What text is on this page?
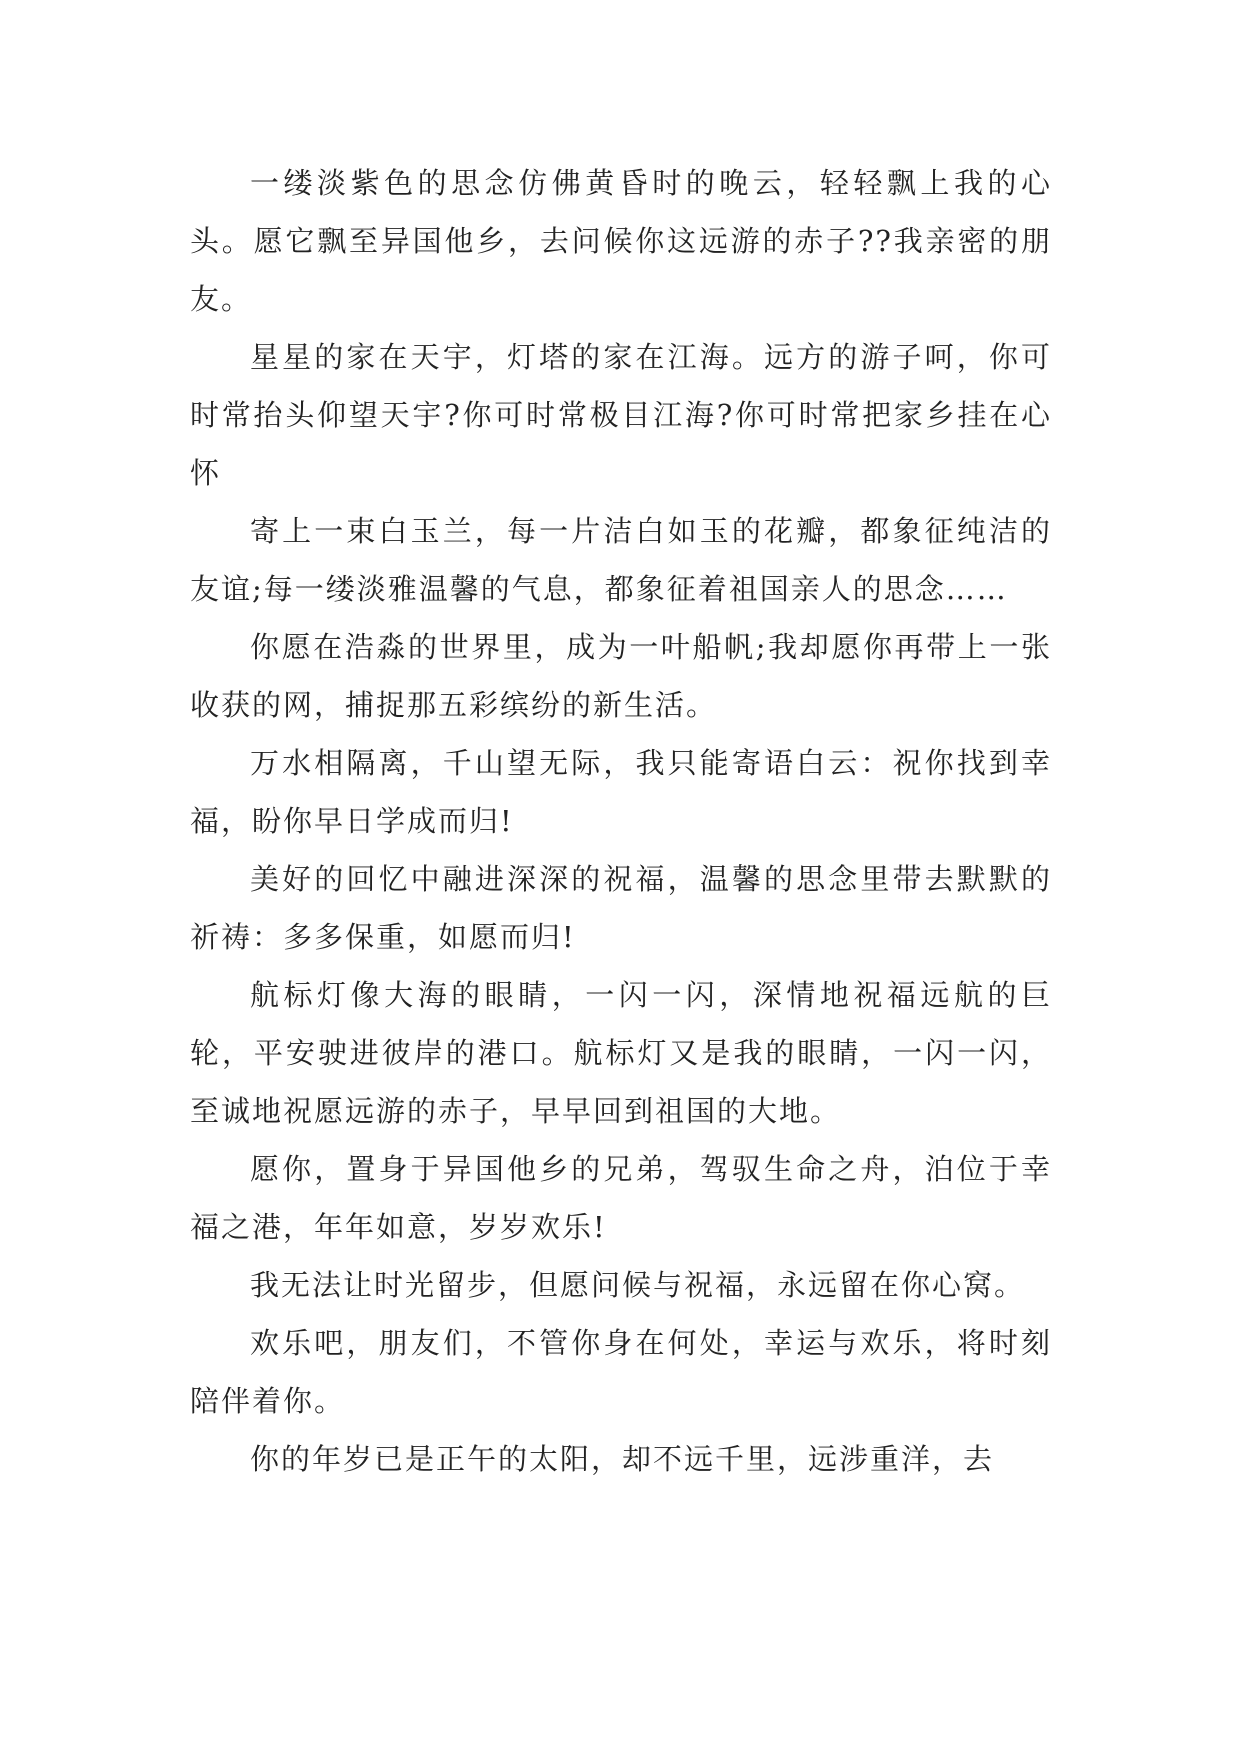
一缕淡紫色的思念仿佛黄昏时的晚云，轻轻飘上我的心头。愿它飘至异国他乡，去问候你这远游的赤子??我亲密的朋友。

星星的家在天宇，灯塔的家在江海。远方的游子呵，你可时常抬头仰望天宇?你可时常极目江海?你可时常把家乡挂在心怀

寄上一束白玉兰，每一片洁白如玉的花瓣，都象征纯洁的友谊;每一缕淡雅温馨的气息，都象征着祖国亲人的思念……

你愿在浩淼的世界里，成为一叶船帆;我却愿你再带上一张收获的网，捕捉那五彩缤纷的新生活。

万水相隔离，千山望无际，我只能寄语白云：祝你找到幸福，盼你早日学成而归!

美好的回忆中融进深深的祝福，温馨的思念里带去默默的祈祷：多多保重，如愿而归!

航标灯像大海的眼睛，一闪一闪，深情地祝福远航的巨轮，平安驶进彼岸的港口。航标灯又是我的眼睛，一闪一闪，至诚地祝愿远游的赤子，早早回到祖国的大地。

愿你，置身于异国他乡的兄弟，驾驭生命之舟，泊位于幸福之港，年年如意，岁岁欢乐!

我无法让时光留步，但愿问候与祝福，永远留在你心窝。

欢乐吧，朋友们，不管你身在何处，幸运与欢乐，将时刻陪伴着你。

你的年岁已是正午的太阳，却不远千里，远涉重洋，去
